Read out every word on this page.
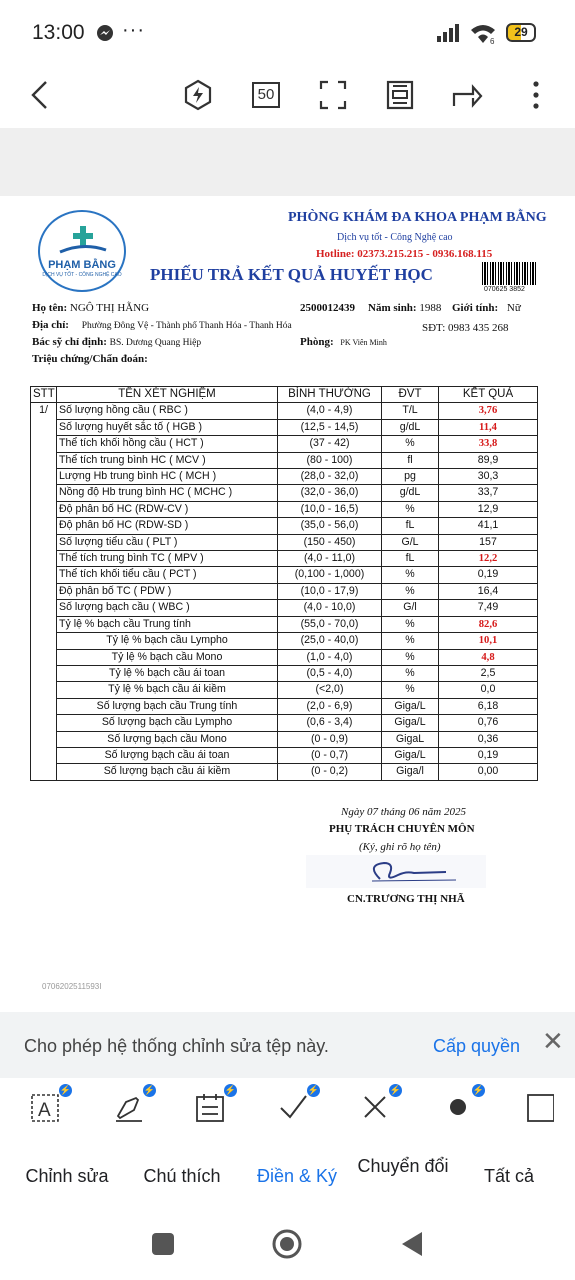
13:00 ···
6
29
50
PHẠM BẰNG
DỊCH VỤ TỐT - CÔNG NGHỆ CAO
PHÒNG KHÁM ĐA KHOA PHẠM BẰNG
Dịch vụ tốt - Công Nghệ cao
Hotline: 02373.215.215 - 0936.168.115
PHIẾU TRẢ KẾT QUẢ HUYẾT HỌC
070625 3852
Họ tên: NGÔ THỊ HẰNG	2500012439 Năm sinh: 1988 Giới tính: Nữ
Địa chỉ: Phường Đông Vệ - Thành phố Thanh Hóa - Thanh Hóa	SĐT: 0983 435 268
Bác sỹ chỉ định: BS. Dương Quang Hiệp	Phòng: PK Viên Minh
Triệu chứng/Chẩn đoán:
STT	TÊN XÉT NGHIỆM	BÌNH THƯỜNG	ĐVT	KẾT QUẢ
1/	Số lượng hồng cầu ( RBC )	(4,0 - 4,9)	T/L	3,76
	Số lượng huyết sắc tố ( HGB )	(12,5 - 14,5)	g/dL	11,4
	Thể tích khối hồng cầu ( HCT )	(37 - 42)	%	33,8
	Thể tích trung bình HC ( MCV )	(80 - 100)	fl	89,9
	Lượng Hb trung bình HC ( MCH )	(28,0 - 32,0)	pg	30,3
	Nồng độ Hb trung bình HC ( MCHC )	(32,0 - 36,0)	g/dL	33,7
	Độ phân bố HC (RDW-CV )	(10,0 - 16,5)	%	12,9
	Độ phân bố HC (RDW-SD )	(35,0 - 56,0)	fL	41,1
	Số lượng tiểu cầu ( PLT )	(150 - 450)	G/L	157
	Thể tích trung bình TC ( MPV )	(4,0 - 11,0)	fL	12,2
	Thể tích khối tiểu cầu ( PCT )	(0,100 - 1,000)	%	0,19
	Độ phân bố TC ( PDW )	(10,0 - 17,9)	%	16,4
	Số lượng bạch cầu ( WBC )	(4,0 - 10,0)	G/l	7,49
	Tỷ lệ % bạch cầu Trung tính	(55,0 - 70,0)	%	82,6
	Tỷ lệ % bạch cầu Lympho	(25,0 - 40,0)	%	10,1
	Tỷ lệ % bạch cầu Mono	(1,0 - 4,0)	%	4,8
	Tỷ lệ % bạch cầu ái toan	(0,5 - 4,0)	%	2,5
	Tỷ lệ % bạch cầu ái kiềm	(<2,0)	%	0,0
	Số lượng bạch cầu Trung tính	(2,0 - 6,9)	Giga/L	6,18
	Số lượng bạch cầu Lympho	(0,6 - 3,4)	Giga/L	0,76
	Số lượng bạch cầu Mono	(0 - 0,9)	GigaL	0,36
	Số lượng bạch cầu ái toan	(0 - 0,7)	Giga/L	0,19
	Số lượng bạch cầu ái kiềm	(0 - 0,2)	Giga/l	0,00
Ngày 07 tháng 06 năm 2025
PHỤ TRÁCH CHUYÊN MÔN
(Ký, ghi rõ họ tên)
CN.TRƯƠNG THỊ NHÃ
070620251159​3I
Cho phép hệ thống chỉnh sửa tệp này.	Cấp quyền ✕
A
⚡	⚡	⚡	⚡	⚡	⚡
Chỉnh sửa	Chú thích	Điền & Ký	Chuyển đổi	Tất cả
